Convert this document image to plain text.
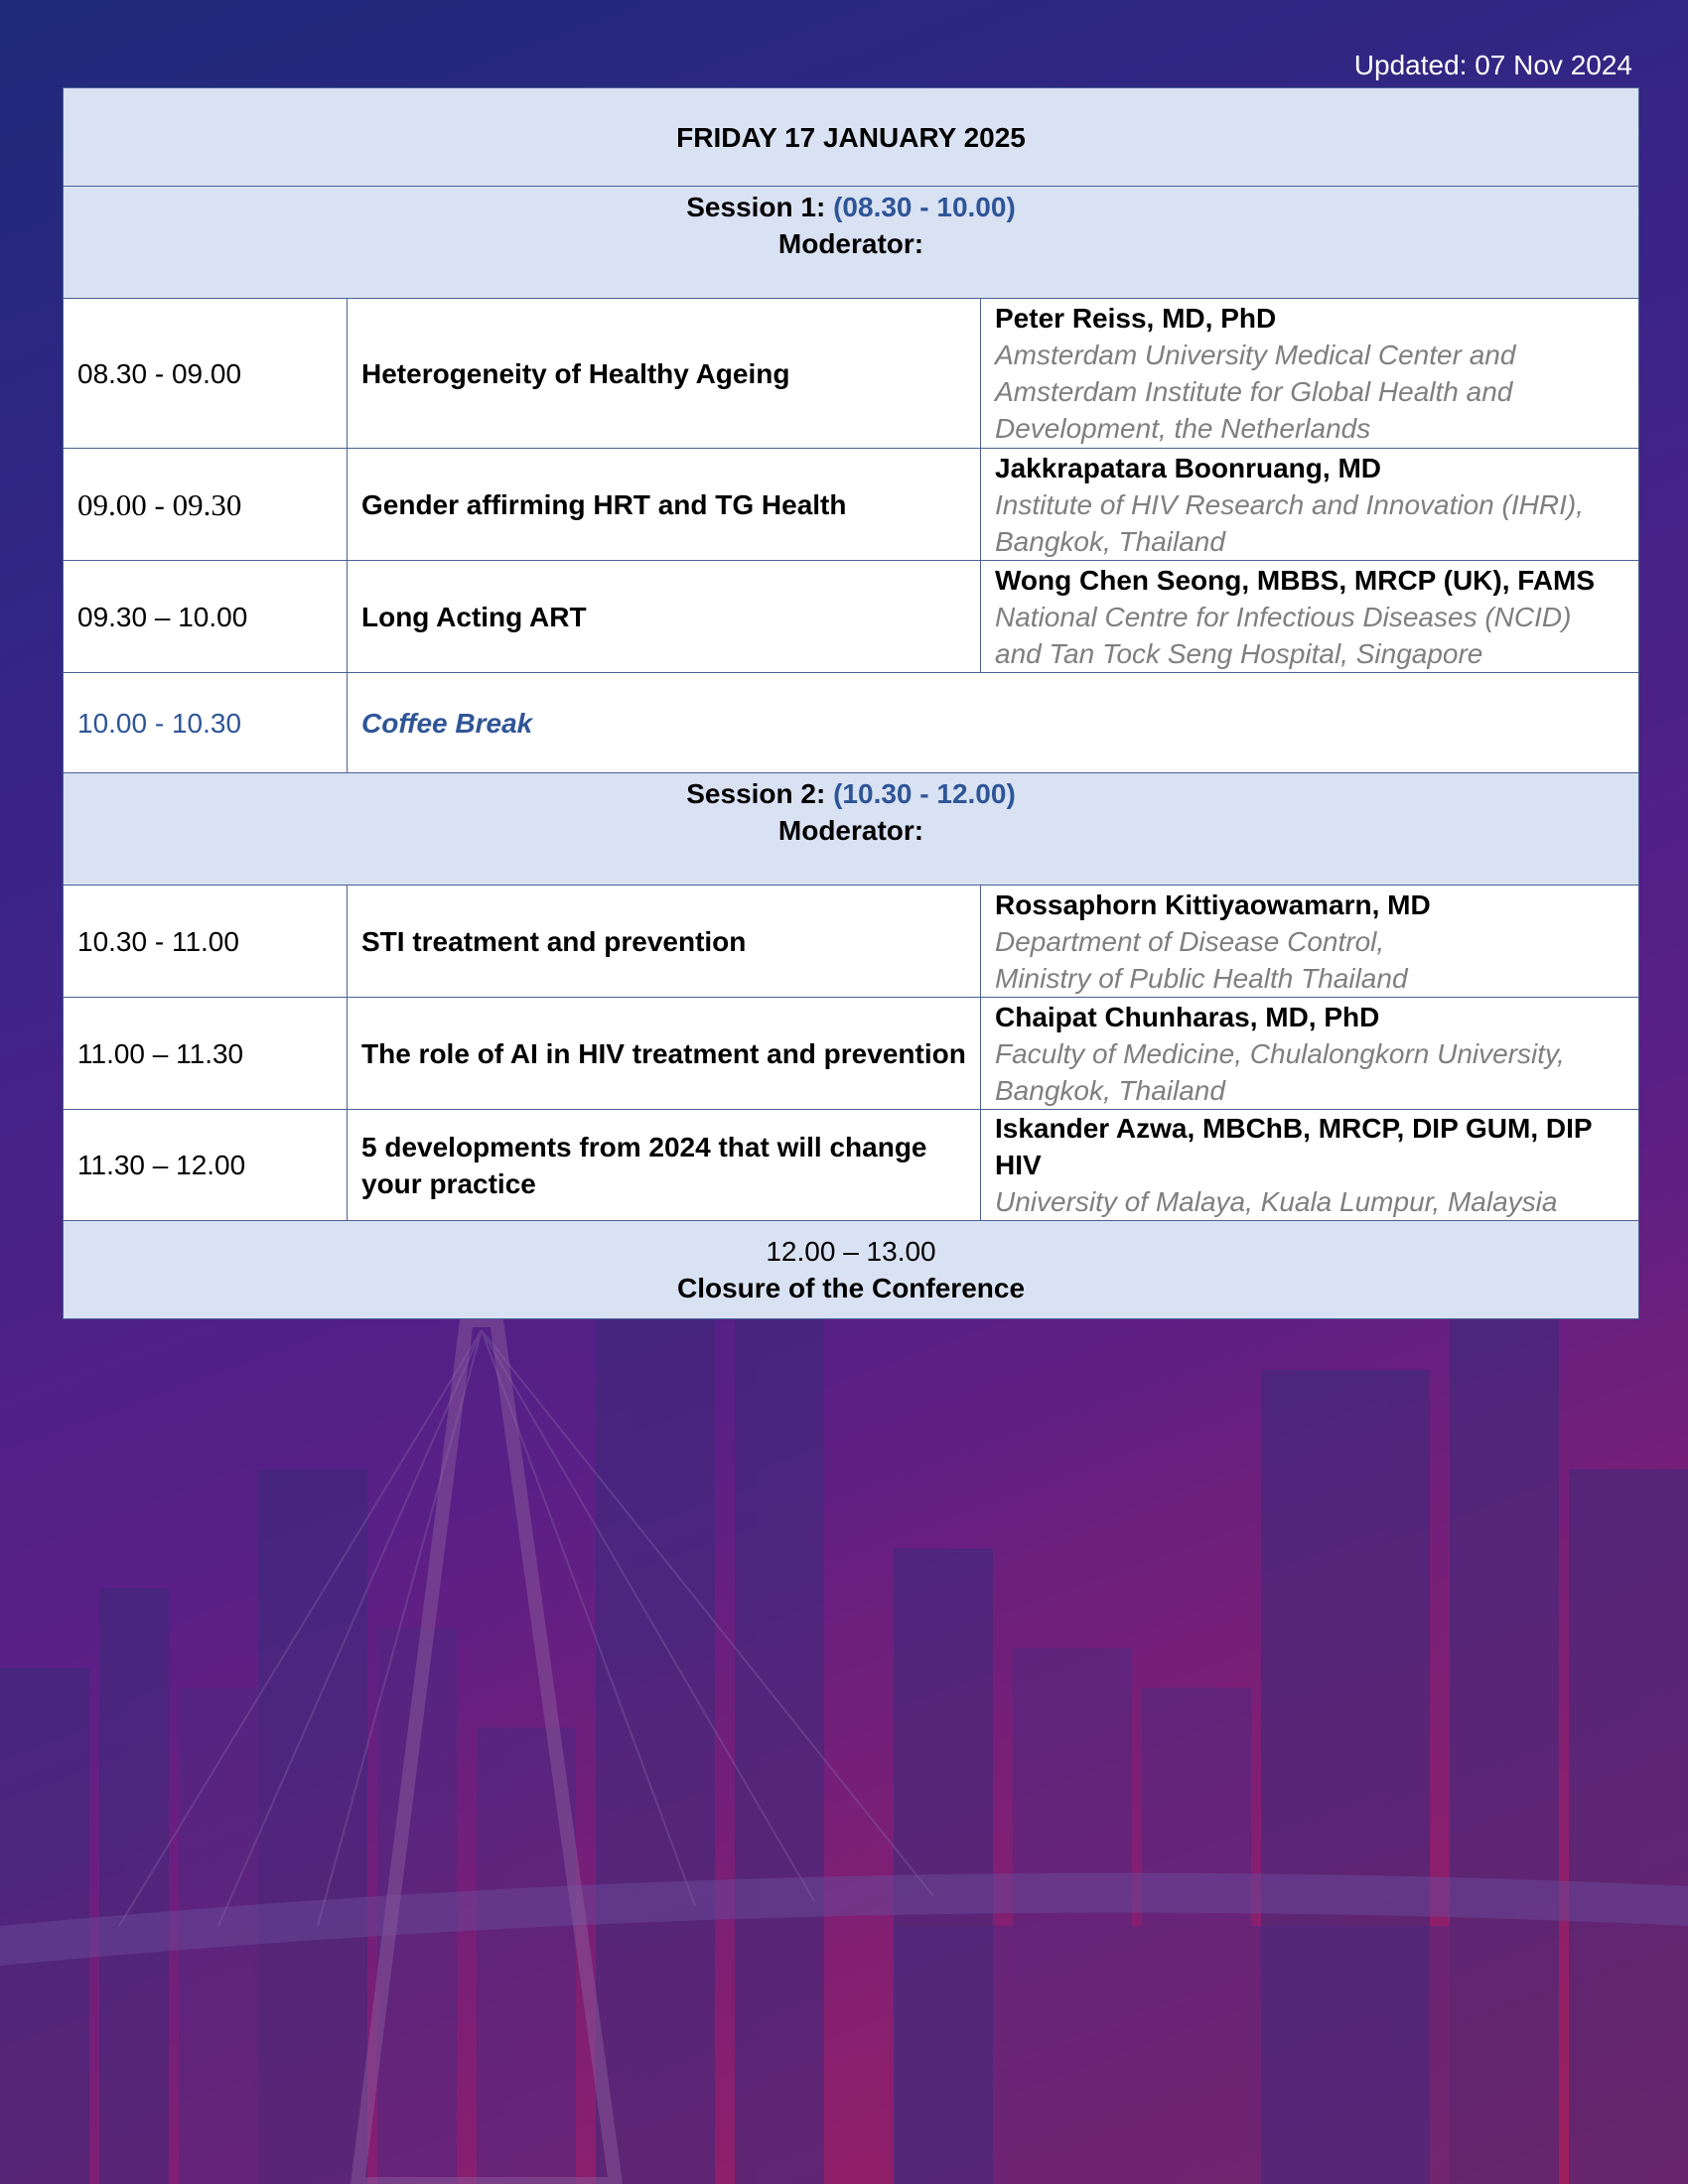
Updated: 07 Nov 2024
FRIDAY 17 JANUARY 2025		

Session 1: (08.30 - 10.00)
Moderator:		

08.30 - 09.00	Heterogeneity of Healthy Ageing	Peter Reiss, MD, PhD
Amsterdam University Medical Center and Amsterdam Institute for Global Health and Development, the Netherlands

09.00 - 09.30	Gender affirming HRT and TG Health	Jakkrapatara Boonruang, MD
Institute of HIV Research and Innovation (IHRI), Bangkok, Thailand

09.30 – 10.00	Long Acting ART	Wong Chen Seong, MBBS, MRCP (UK), FAMS
National Centre for Infectious Diseases (NCID) and Tan Tock Seng Hospital, Singapore

10.00 - 10.30	Coffee Break	

Session 2: (10.30 - 12.00)
Moderator:		

10.30 - 11.00	STI treatment and prevention	Rossaphorn Kittiyaowamarn, MD
Department of Disease Control,
Ministry of Public Health Thailand

11.00 – 11.30	The role of AI in HIV treatment and prevention	Chaipat Chunharas, MD, PhD
Faculty of Medicine, Chulalongkorn University, Bangkok, Thailand

11.30 – 12.00	5 developments from 2024 that will change your practice	Iskander Azwa, MBChB, MRCP, DIP GUM, DIP HIV
University of Malaya, Kuala Lumpur, Malaysia

12.00 – 13.00
Closure of the Conference		
